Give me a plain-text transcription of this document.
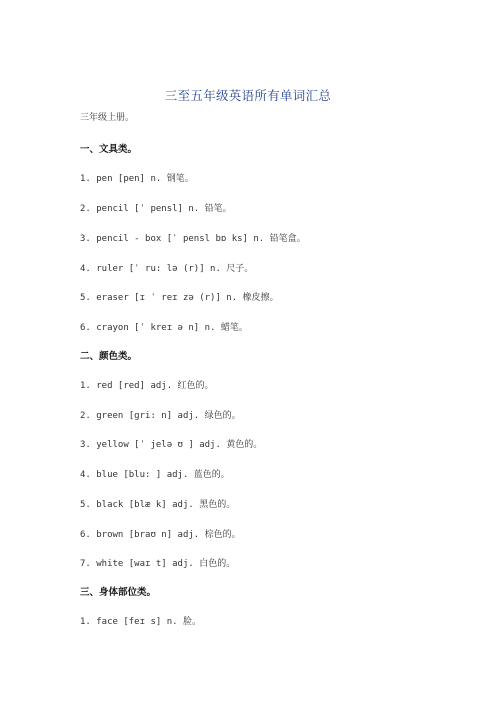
三至五年级英语所有单词汇总
三年级上册。
一、文具类。
1. pen [pen] n. 钢笔。
2. pencil [ˈ pensl] n. 铅笔。
3. pencil - box [ˈ pensl bɒ ks] n. 铅笔盒。
4. ruler [ˈ ru: lə (r)] n. 尺子。
5. eraser [ɪ ˈ reɪ zə (r)] n. 橡皮擦。
6. crayon [ˈ kreɪ ə n] n. 蜡笔。
二、颜色类。
1. red [red] adj. 红色的。
2. green [gri: n] adj. 绿色的。
3. yellow [ˈ jelə ʊ ] adj. 黄色的。
4. blue [blu: ] adj. 蓝色的。
5. black [blæ k] adj. 黑色的。
6. brown [braʊ n] adj. 棕色的。
7. white [waɪ t] adj. 白色的。
三、身体部位类。
1. face [feɪ s] n. 脸。
